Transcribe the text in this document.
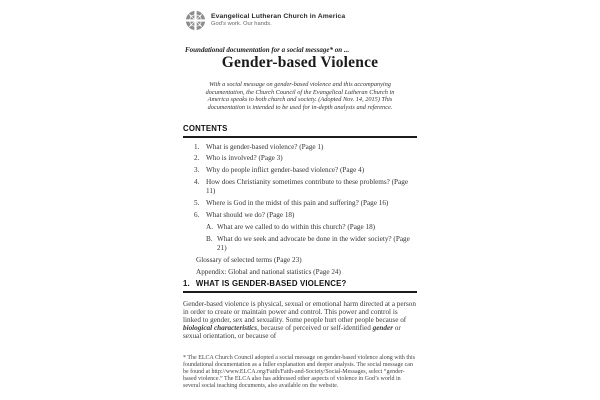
Evangelical Lutheran Church in America
God's work. Our hands.
Foundational documentation for a social message* on ...
Gender-based Violence

With a social message on gender-based violence and this accompanying documentation, the Church Council of the Evangelical Lutheran Church in America speaks to both church and society. (Adopted Nov. 14, 2015) This documentation is intended to be used for in-depth analysis and reference.

CONTENTS
1. What is gender-based violence? (Page 1)
2. Who is involved? (Page 3)
3. Why do people inflict gender-based violence? (Page 4)
4. How does Christianity sometimes contribute to these problems? (Page 11)
5. Where is God in the midst of this pain and suffering? (Page 16)
6. What should we do? (Page 18)
A. What are we called to do within this church? (Page 18)
B. What do we seek and advocate be done in the wider society? (Page 21)
Glossary of selected terms (Page 23)
Appendix: Global and national statistics (Page 24)
1. WHAT IS GENDER-BASED VIOLENCE?

Gender-based violence is physical, sexual or emotional harm directed at a person in order to create or maintain power and control. This power and control is linked to gender, sex and sexuality. Some people hurt other people because of biological characteristics, because of perceived or self-identified gender or sexual orientation, or because of

* The ELCA Church Council adopted a social message on gender-based violence along with this foundational documentation as a fuller explanation and deeper analysis. The social message can be found at http://www.ELCA.org/Faith/Faith-and-Society/Social-Messages, select “gender-based violence.” The ELCA also has addressed other aspects of violence in God’s world in several social teaching documents, also available on the website.
